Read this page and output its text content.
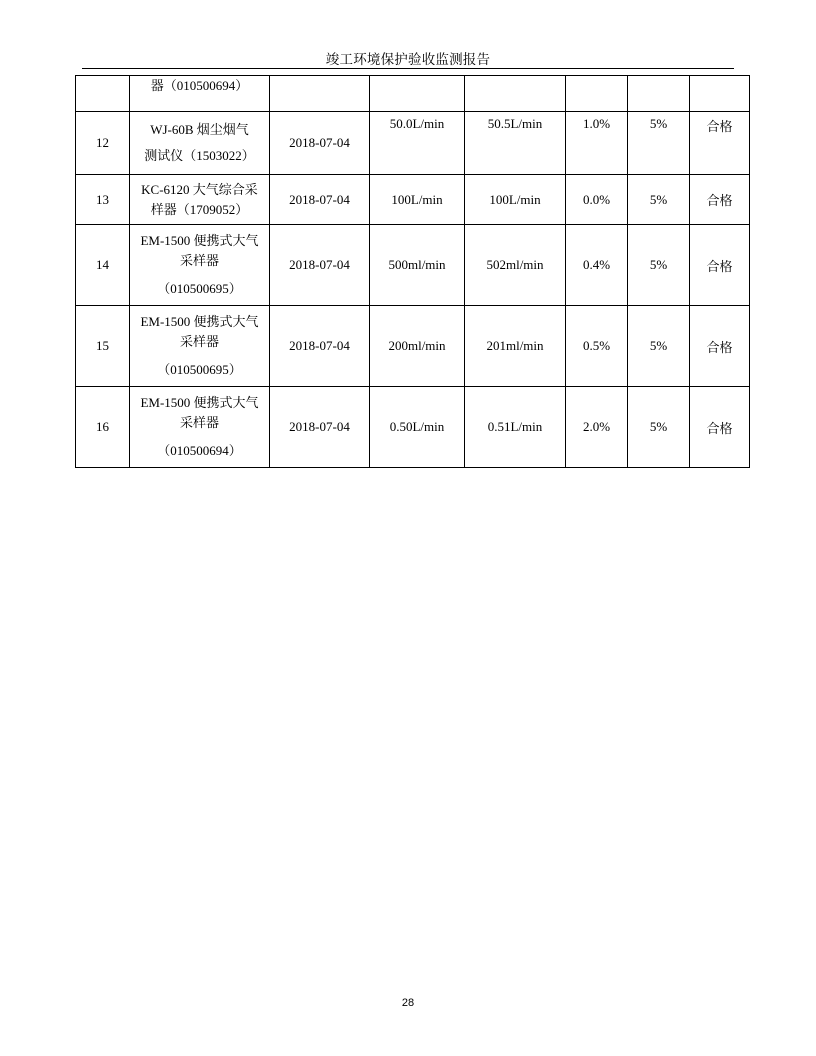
竣工环境保护验收监测报告

	器（010500694）						

12	WJ-60B 烟尘烟气
测试仪（1503022）	2018-07-04	50.0L/min	50.5L/min	1.0%	5%	合格
13	KC-6120 大气综合采
样器（1709052）	2018-07-04	100L/min	100L/min	0.0%	5%	合格
14	EM-1500 便携式大气
采样器
（010500695）	2018-07-04	500ml/min	502ml/min	0.4%	5%	合格
15	EM-1500 便携式大气
采样器
（010500695）	2018-07-04	200ml/min	201ml/min	0.5%	5%	合格
16	EM-1500 便携式大气
采样器
（010500694）	2018-07-04	0.50L/min	0.51L/min	2.0%	5%	合格
28
